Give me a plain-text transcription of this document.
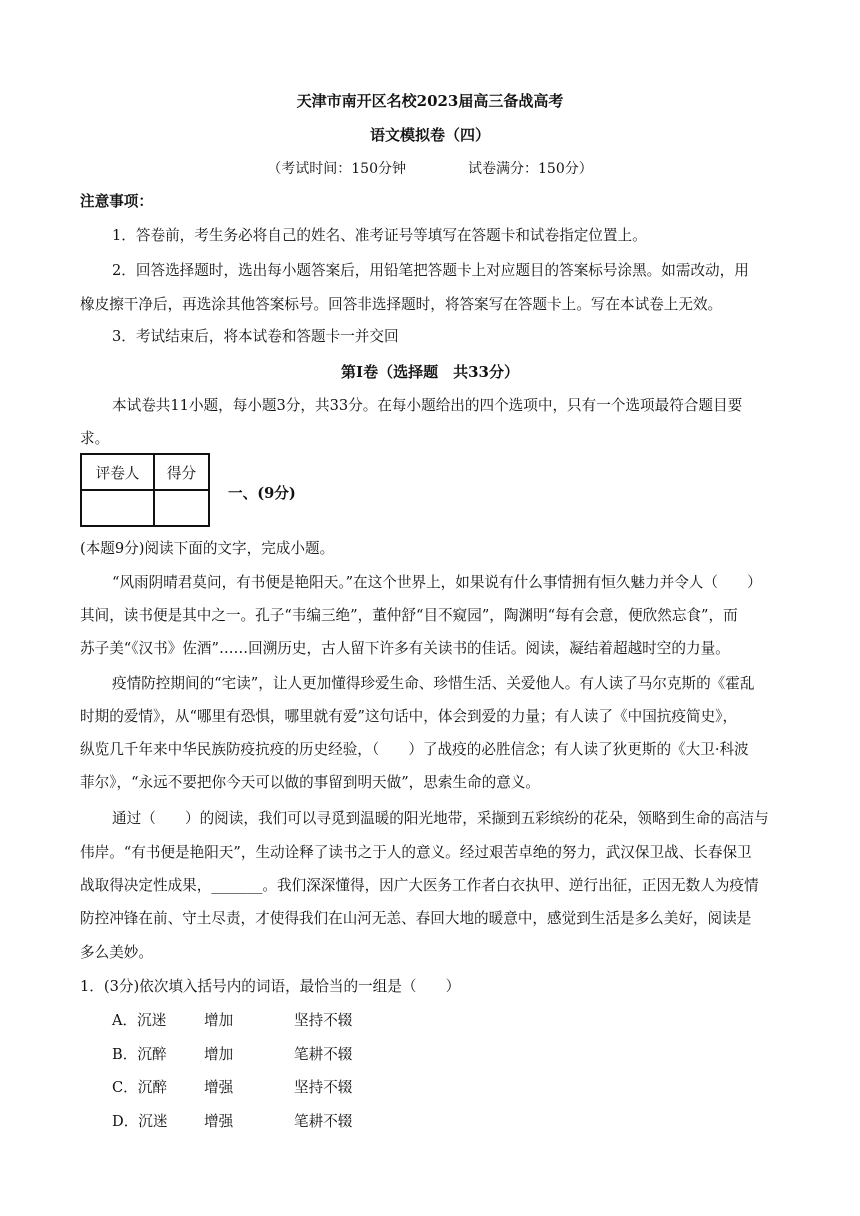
天津市南开区名校2023届高三备战高考
语文模拟卷（四）
（考试时间：150分钟	试卷满分：150分）
注意事项：
1．答卷前，考生务必将自己的姓名、准考证号等填写在答题卡和试卷指定位置上。
2．回答选择题时，选出每小题答案后，用铅笔把答题卡上对应题目的答案标号涂黑。如需改动，用
橡皮擦干净后，再选涂其他答案标号。回答非选择题时，将答案写在答题卡上。写在本试卷上无效。
3．考试结束后，将本试卷和答题卡一并交回
第Ⅰ卷（选择题　共33分）
本试卷共11小题，每小题3分，共33分。在每小题给出的四个选项中，只有一个选项最符合题目要
求。
评卷人	得分

一、(9分)
(本题9分)阅读下面的文字，完成小题。
“风雨阴晴君莫问，有书便是艳阳天。”在这个世界上，如果说有什么事情拥有恒久魅力并令人（　　）
其间，读书便是其中之一。孔子“韦编三绝”，董仲舒“目不窥园”，陶渊明“每有会意，便欣然忘食”，而
苏子美“《汉书》佐酒”……回溯历史，古人留下许多有关读书的佳话。阅读，凝结着超越时空的力量。
疫情防控期间的“宅读”，让人更加懂得珍爱生命、珍惜生活、关爱他人。有人读了马尔克斯的《霍乱
时期的爱情》，从“哪里有恐惧，哪里就有爱”这句话中，体会到爱的力量；有人读了《中国抗疫简史》，
纵览几千年来中华民族防疫抗疫的历史经验，（　　）了战疫的必胜信念；有人读了狄更斯的《大卫·科波
菲尔》，“永远不要把你今天可以做的事留到明天做”，思索生命的意义。
通过（　　）的阅读，我们可以寻觅到温暖的阳光地带，采撷到五彩缤纷的花朵，领略到生命的高洁与
伟岸。“有书便是艳阳天”，生动诠释了读书之于人的意义。经过艰苦卓绝的努力，武汉保卫战、长春保卫
战取得决定性成果，_______。我们深深懂得，因广大医务工作者白衣执甲、逆行出征，正因无数人为疫情
防控冲锋在前、守土尽责，才使得我们在山河无恙、春回大地的暖意中，感觉到生活是多么美好，阅读是
多么美妙。
1．(3分)依次填入括号内的词语，最恰当的一组是（　　）
A．沉迷	增加	坚持不辍
B．沉醉	增加	笔耕不辍
C．沉醉	增强	坚持不辍
D．沉迷	增强	笔耕不辍
